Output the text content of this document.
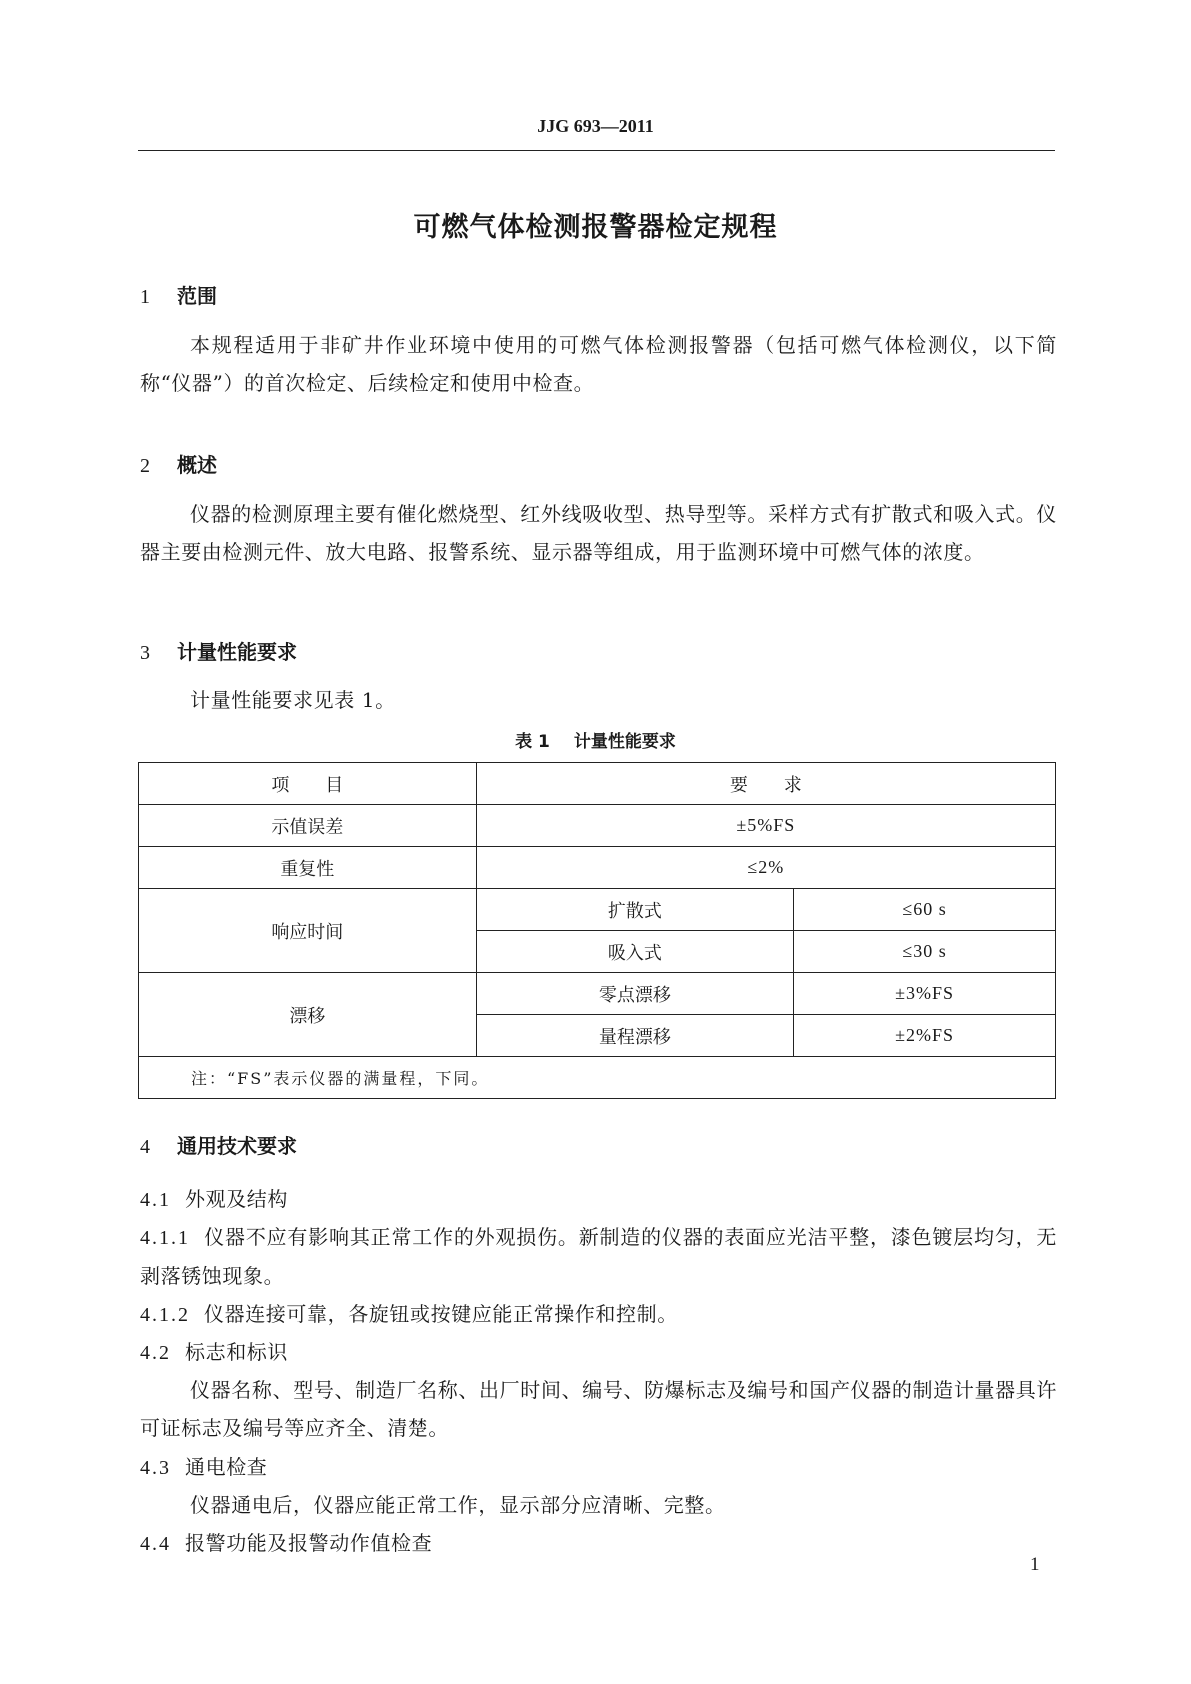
JJG 693—2011
可燃气体检测报警器检定规程
1 范围
本规程适用于非矿井作业环境中使用的可燃气体检测报警器（包括可燃气体检测仪，以下简称“仪器”）的首次检定、后续检定和使用中检查。
2 概述
仪器的检测原理主要有催化燃烧型、红外线吸收型、热导型等。采样方式有扩散式和吸入式。仪器主要由检测元件、放大电路、报警系统、显示器等组成，用于监测环境中可燃气体的浓度。
3 计量性能要求
计量性能要求见表 1。
表 1 计量性能要求
项　　目	要　　求	
示值误差	±5%FS	
重复性	≤2%	
响应时间	扩散式	≤60 s
	吸入式	≤30 s
漂移	零点漂移	±3%FS
	量程漂移	±2%FS
注：“FS”表示仪器的满量程，下同。		
4 通用技术要求
4.1 外观及结构
4.1.1 仪器不应有影响其正常工作的外观损伤。新制造的仪器的表面应光洁平整，漆色镀层均匀，无剥落锈蚀现象。
4.1.2 仪器连接可靠，各旋钮或按键应能正常操作和控制。
4.2 标志和标识
仪器名称、型号、制造厂名称、出厂时间、编号、防爆标志及编号和国产仪器的制造计量器具许可证标志及编号等应齐全、清楚。
4.3 通电检查
仪器通电后，仪器应能正常工作，显示部分应清晰、完整。
4.4 报警功能及报警动作值检查
1
